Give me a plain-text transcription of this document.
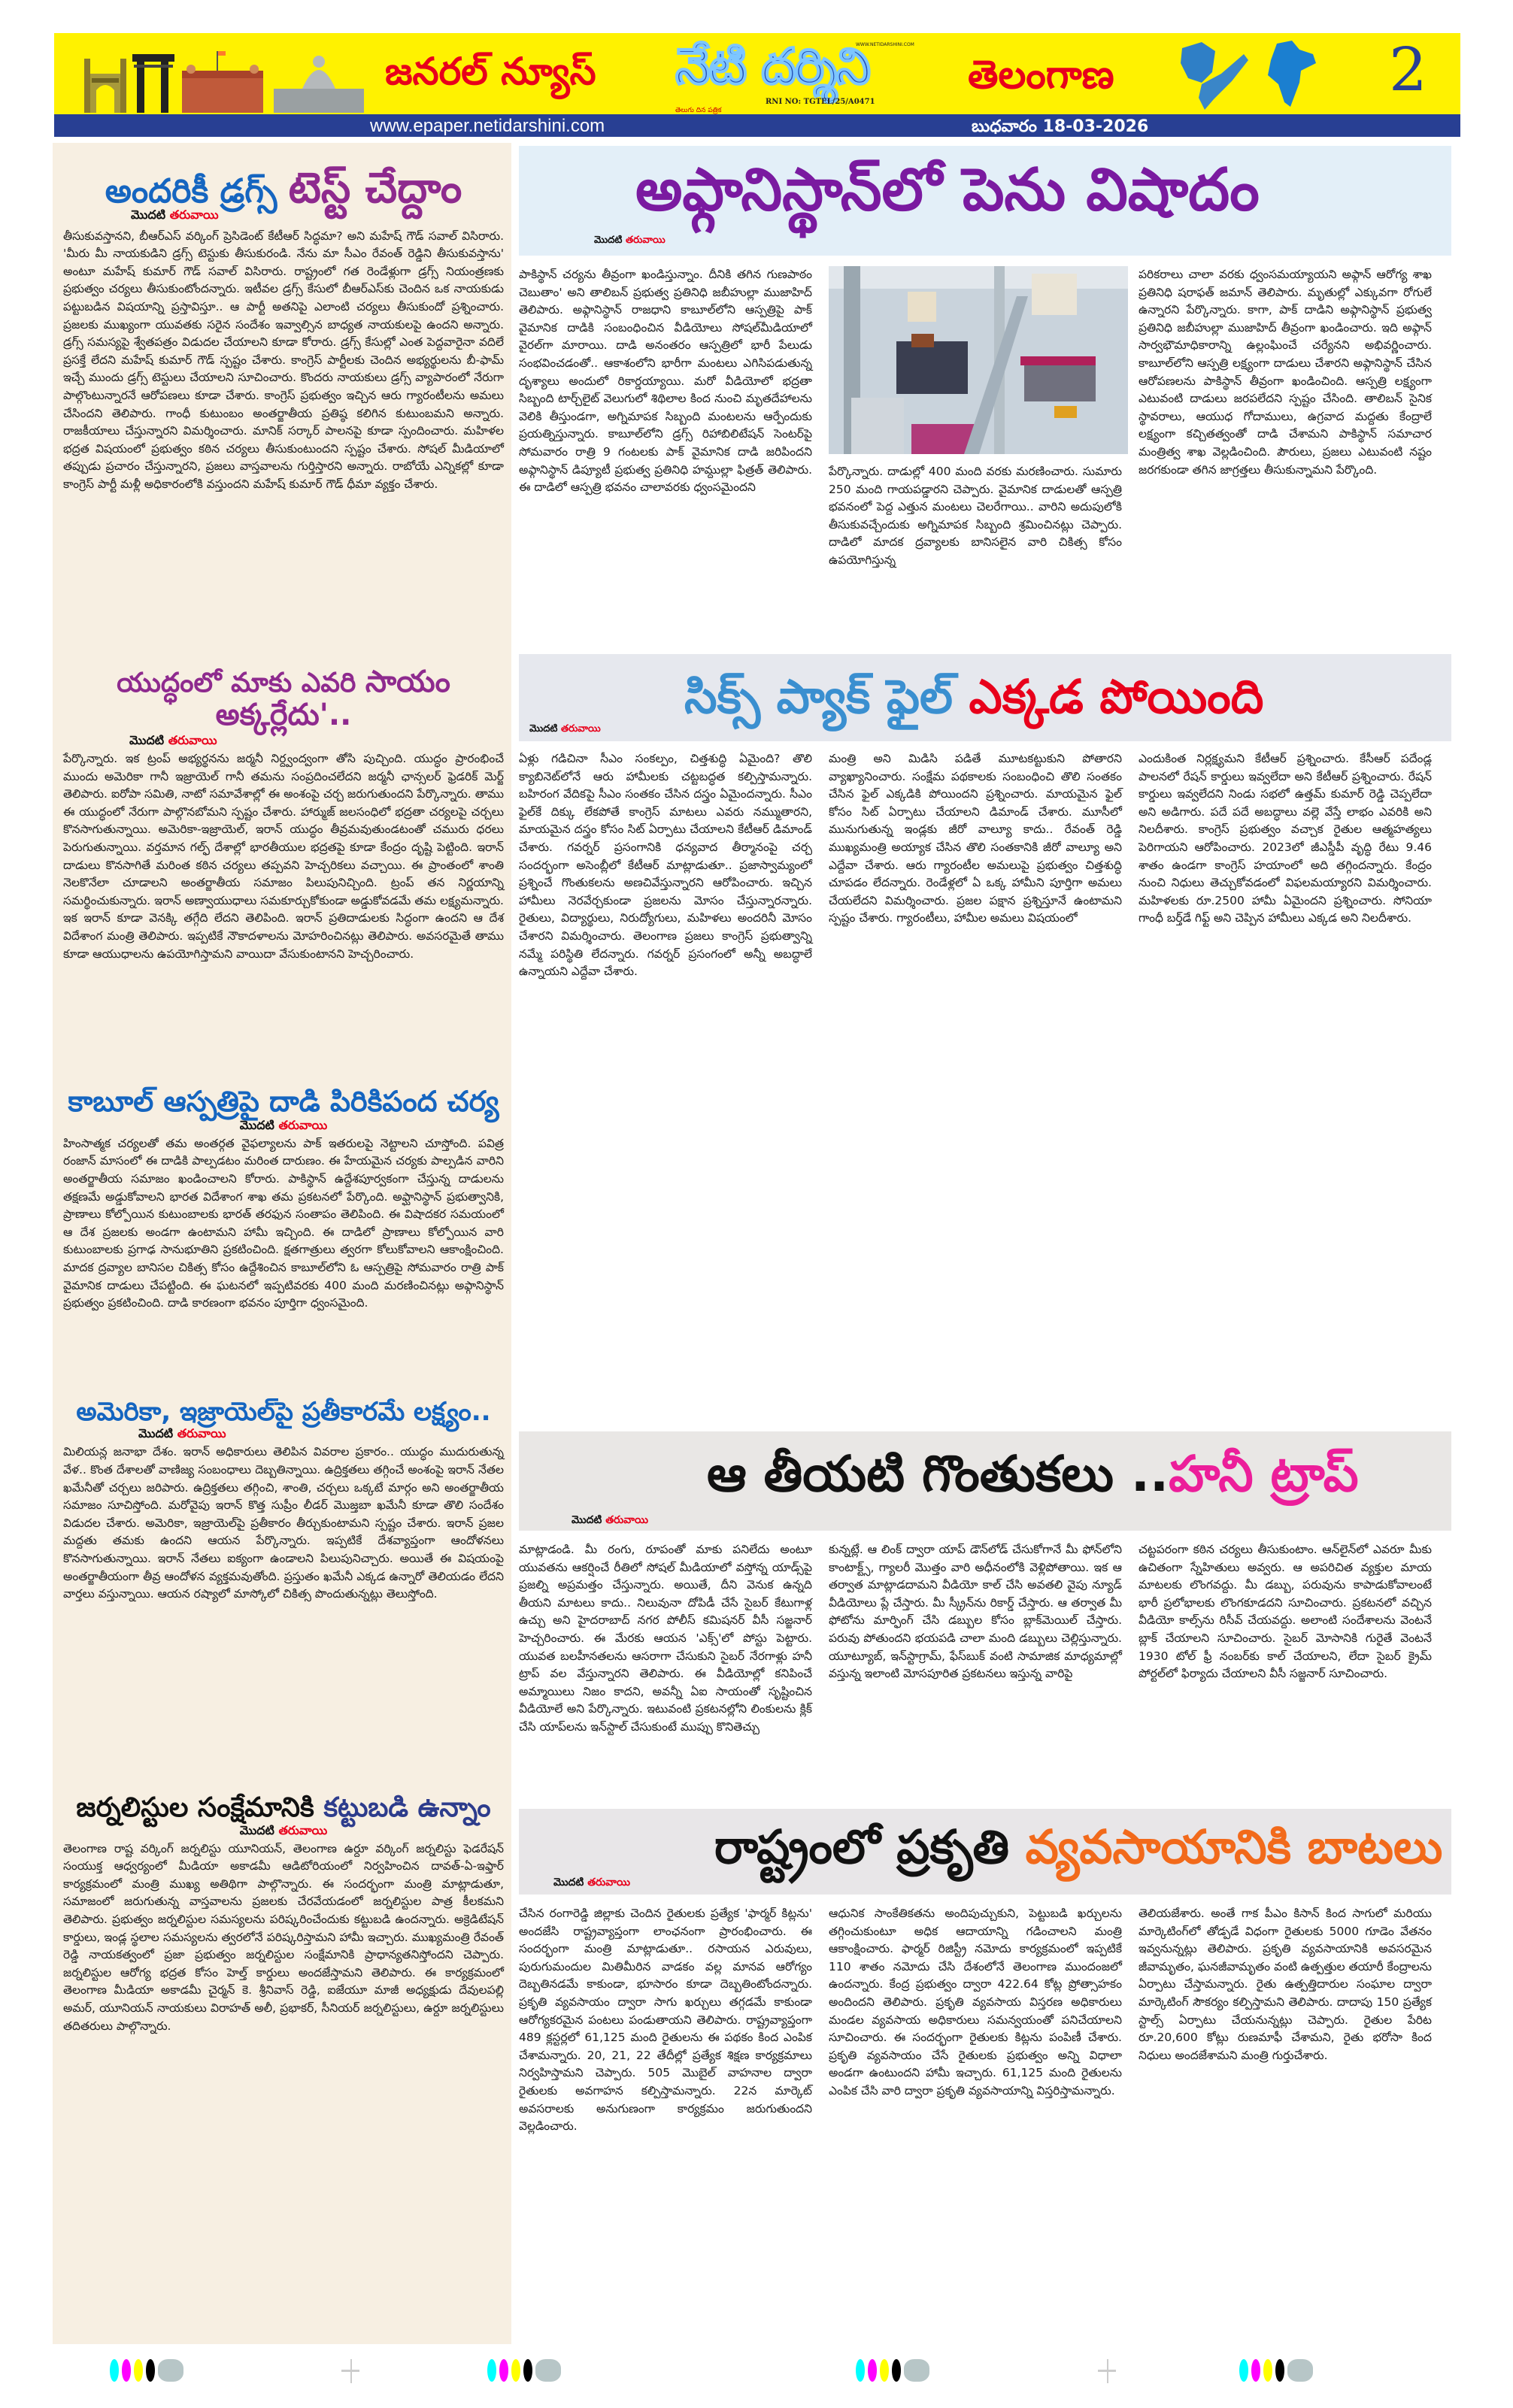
జనరల్ న్యూస్ నేటి దర్శిని
WWW.NETIDARSHINI.COM
RNI NO: TGTEL/25/A0471
తెలుగు దిన పత్రిక
తెలంగాణ	2
www.epaper.netidarshini.com	బుధవారం 18-03-2026
అందరికీ డ్రగ్స్ టెస్ట్ చేద్దాం
మొదటి తరువాయి
తీసుకువస్తానని, బీఆర్ఎస్ వర్కింగ్ ప్రెసిడెంట్ కేటీఆర్ సిద్ధమా? అని మహేష్ గౌడ్ సవాల్ విసిరారు. 'మీరు మీ నాయకుడిని డ్రగ్స్ టెస్టుకు తీసుకురండి. నేను మా సీఎం రేవంత్ రెడ్డిని తీసుకువస్తాను' అంటూ మహేష్ కుమార్ గౌడ్ సవాల్ విసిరారు. రాష్ట్రంలో గత రెండేళ్లుగా డ్రగ్స్ నియంత్రణకు ప్రభుత్వం చర్యలు తీసుకుంటోందన్నారు. ఇటీవల డ్రగ్స్ కేసులో బీఆర్ఎస్‌కు చెందిన ఒక నాయకుడు పట్టుబడిన విషయాన్ని ప్రస్తావిస్తూ.. ఆ పార్టీ అతనిపై ఎలాంటి చర్యలు తీసుకుందో ప్రశ్నించారు. ప్రజలకు ముఖ్యంగా యువతకు సరైన సందేశం ఇవ్వాల్సిన బాధ్యత నాయకులపై ఉందని అన్నారు. డ్రగ్స్ సమస్యపై శ్వేతపత్రం విడుదల చేయాలని కూడా కోరారు. డ్రగ్స్ కేసుల్లో ఎంత పెద్దవారైనా వదిలే ప్రసక్తే లేదని మహేష్ కుమార్ గౌడ్ స్పష్టం చేశారు. కాంగ్రెస్ పార్టీలకు చెందిన అభ్యర్థులను బీ-ఫామ్ ఇచ్చే ముందు డ్రగ్స్ టెస్టులు చేయాలని సూచించారు. కొందరు నాయకులు డ్రగ్స్ వ్యాపారంలో నేరుగా పాల్గొంటున్నారనే ఆరోపణలు కూడా చేశారు. కాంగ్రెస్ ప్రభుత్వం ఇచ్చిన ఆరు గ్యారంటీలను అమలు చేసిందని తెలిపారు. గాంధీ కుటుంబం అంతర్జాతీయ ప్రతిష్ఠ కలిగిన కుటుంబమని అన్నారు. రాజకీయాలు చేస్తున్నారని విమర్శించారు. మానిక్ సర్కార్ పాలనపై కూడా స్పందించారు. మహిళల భద్రత విషయంలో ప్రభుత్వం కఠిన చర్యలు తీసుకుంటుందని స్పష్టం చేశారు. సోషల్ మీడియాలో తప్పుడు ప్రచారం చేస్తున్నారని, ప్రజలు వాస్తవాలను గుర్తిస్తారని అన్నారు. రాబోయే ఎన్నికల్లో కూడా కాంగ్రెస్ పార్టీ మళ్లీ అధికారంలోకి వస్తుందని మహేష్ కుమార్ గౌడ్ ధీమా వ్యక్తం చేశారు.
యుద్ధంలో మాకు ఎవరి సాయం అక్కర్లేదు'..
మొదటి తరువాయి
పేర్కొన్నారు. ఇక ట్రంప్ అభ్యర్థనను జర్మనీ నిర్ద్వంద్వంగా తోసి పుచ్చింది. యుద్ధం ప్రారంభించే ముందు అమెరికా గానీ ఇజ్రాయెల్ గానీ తమను సంప్రదించలేదని జర్మనీ ఛాన్సలర్ ఫ్రెడరిక్ మెర్జ్ తెలిపారు. ఐరోపా సమితి, నాటో సమావేశాల్లో ఈ అంశంపై చర్చ జరుగుతుందని పేర్కొన్నారు. తాము ఈ యుద్ధంలో నేరుగా పాల్గొనబోమని స్పష్టం చేశారు. హార్ముజ్ జలసంధిలో భద్రతా చర్యలపై చర్చలు కొనసాగుతున్నాయి. అమెరికా-ఇజ్రాయెల్, ఇరాన్ యుద్ధం తీవ్రమవుతుండటంతో చమురు ధరలు పెరుగుతున్నాయి. వర్తమాన గల్ఫ్ దేశాల్లో భారతీయుల భద్రతపై కూడా కేంద్రం దృష్టి పెట్టింది. ఇరాన్ దాడులు కొనసాగితే మరింత కఠిన చర్యలు తప్పవని హెచ్చరికలు వచ్చాయి. ఈ ప్రాంతంలో శాంతి నెలకొనేలా చూడాలని అంతర్జాతీయ సమాజం పిలుపునిచ్చింది. ట్రంప్ తన నిర్ణయాన్ని సమర్థించుకున్నారు. ఇరాన్ అణ్వాయుధాలు సమకూర్చుకోకుండా అడ్డుకోవడమే తమ లక్ష్యమన్నారు. ఇక ఇరాన్‌ కూడా వెనక్కి తగ్గేది లేదని తెలిపింది. ఇరాన్‌ ప్రతిదాడులకు సిద్ధంగా ఉందని ఆ దేశ విదేశాంగ మంత్రి తెలిపారు. ఇప్పటికే నౌకాదళాలను మోహరించినట్లు తెలిపారు. అవసరమైతే తాము కూడా ఆయుధాలను ఉపయోగిస్తామని వాయిదా వేసుకుంటానని హెచ్చరించారు.
కాబూల్ ఆస్పత్రిపై దాడి పిరికిపంద చర్య
మొదటి తరువాయి
హింసాత్మక చర్యలతో తమ అంతర్గత వైఫల్యాలను పాక్ ఇతరులపై నెట్టాలని చూస్తోంది. పవిత్ర రంజాన్ మాసంలో ఈ దాడికి పాల్పడటం మరింత దారుణం. ఈ హేయమైన చర్యకు పాల్పడిన వారిని అంతర్జాతీయ సమాజం ఖండించాలని కోరారు. పాకిస్థాన్ ఉద్దేశపూర్వకంగా చేస్తున్న దాడులను తక్షణమే అడ్డుకోవాలని భారత విదేశాంగ శాఖ తమ ప్రకటనలో పేర్కొంది. అఫ్ఘానిస్థాన్ ప్రభుత్వానికి, ప్రాణాలు కోల్పోయిన కుటుంబాలకు భారత్ తరఫున సంతాపం తెలిపింది. ఈ విషాదకర సమయంలో ఆ దేశ ప్రజలకు అండగా ఉంటామని హామీ ఇచ్చింది. ఈ దాడిలో ప్రాణాలు కోల్పోయిన వారి కుటుంబాలకు ప్రగాఢ సానుభూతిని ప్రకటించింది. క్షతగాత్రులు త్వరగా కోలుకోవాలని ఆకాంక్షించింది. మాదక ద్రవ్యాల బానిసల చికిత్స కోసం ఉద్దేశించిన కాబూల్‌లోని ఓ ఆస్పత్రిపై సోమవారం రాత్రి పాక్ వైమానిక దాడులు చేపట్టింది. ఈ ఘటనలో ఇప్పటివరకు 400 మంది మరణించినట్లు అఫ్గానిస్థాన్ ప్రభుత్వం ప్రకటించింది. దాడి కారణంగా భవనం పూర్తిగా ధ్వంసమైంది.
అమెరికా, ఇజ్రాయెల్‌పై ప్రతీకారమే లక్ష్యం..
మొదటి తరువాయి
మిలియన్ల జనాభా దేశం. ఇరాన్ అధికారులు తెలిపిన వివరాల ప్రకారం.. యుద్ధం ముదురుతున్న వేళ.. కొంత దేశాలతో వాణిజ్య సంబంధాలు దెబ్బతిన్నాయి. ఉద్రిక్తతలు తగ్గించే అంశంపై ఇరాన్ నేతల ఖమేనీతో చర్చలు జరిపారు. ఉద్రిక్తతలు తగ్గించి, శాంతి, చర్చలు ఒక్కటే మార్గం అని అంతర్జాతీయ సమాజం సూచిస్తోంది. మరోవైపు ఇరాన్ కొత్త సుప్రీం లీడర్ మొజ్తబా ఖమేనీ కూడా తొలి సందేశం విడుదల చేశారు. అమెరికా, ఇజ్రాయెల్‌పై ప్రతీకారం తీర్చుకుంటామని స్పష్టం చేశారు. ఇరాన్ ప్రజల మద్దతు తమకు ఉందని ఆయన పేర్కొన్నారు. ఇప్పటికే దేశవ్యాప్తంగా ఆందోళనలు కొనసాగుతున్నాయి. ఇరాన్ నేతలు ఐక్యంగా ఉండాలని పిలుపునిచ్చారు. అయితే ఈ విషయంపై అంతర్జాతీయంగా తీవ్ర ఆందోళన వ్యక్తమవుతోంది. ప్రస్తుతం ఖమేనీ ఎక్కడ ఉన్నారో తెలియడం లేదని వార్తలు వస్తున్నాయి. ఆయన రష్యాలో మాస్కోలో చికిత్స పొందుతున్నట్లు తెలుస్తోంది.
జర్నలిస్టుల సంక్షేమానికి కట్టుబడి ఉన్నాం
మొదటి తరువాయి
తెలంగాణ రాష్ట వర్కింగ్ జర్నలిస్టు యూనియన్, తెలంగాణ ఉర్దూ వర్కింగ్ జర్నలిస్టు ఫెడరేషన్ సంయుక్త ఆధ్వర్యంలో మీడియా అకాడమీ ఆడిటోరియంలో నిర్వహించిన దావత్-ఏ-ఇఫ్తార్ కార్యక్రమంలో మంత్రి ముఖ్య అతిథిగా పాల్గొన్నారు. ఈ సందర్భంగా మంత్రి మాట్లాడుతూ, సమాజంలో జరుగుతున్న వాస్తవాలను ప్రజలకు చేరవేయడంలో జర్నలిస్టుల పాత్ర కీలకమని తెలిపారు. ప్రభుత్వం జర్నలిస్టుల సమస్యలను పరిష్కరించేందుకు కట్టుబడి ఉందన్నారు. అక్రెడిటేషన్ కార్డులు, ఇండ్ల స్థలాల సమస్యలను త్వరలోనే పరిష్కరిస్తామని హామీ ఇచ్చారు. ముఖ్యమంత్రి రేవంత్ రెడ్డి నాయకత్వంలో ప్రజా ప్రభుత్వం జర్నలిస్టుల సంక్షేమానికి ప్రాధాన్యతనిస్తోందని చెప్పారు. జర్నలిస్టుల ఆరోగ్య భద్రత కోసం హెల్త్ కార్డులు అందజేస్తామని తెలిపారు. ఈ కార్యక్రమంలో తెలంగాణ మీడియా అకాడమీ చైర్మన్ కె. శ్రీనివాస్ రెడ్డి, ఐజేయూ మాజీ అధ్యక్షుడు దేవులపల్లి అమర్, యూనియన్ నాయకులు విరాహత్ అలీ, ప్రభాకర్, సీనియర్ జర్నలిస్టులు, ఉర్దూ జర్నలిస్టులు తదితరులు పాల్గొన్నారు.
అఫ్గానిస్థాన్‌లో పెను విషాదం
మొదటి తరువాయి
పాకిస్థాన్ చర్యను తీవ్రంగా ఖండిస్తున్నాం. దీనికి తగిన గుణపాఠం చెబుతాం' అని తాలిబన్ ప్రభుత్వ ప్రతినిధి జబీహుల్లా ముజాహిద్ తెలిపారు. అఫ్గానిస్థాన్ రాజధాని కాబూల్‌లోని ఆస్పత్రిపై పాక్ వైమానిక దాడికి సంబంధించిన వీడియోలు సోషల్‌మీడియాలో వైరల్‌గా మారాయి. దాడి అనంతరం ఆస్పత్రిలో భారీ పేలుడు సంభవించడంతో.. ఆకాశంలోని భారీగా మంటలు ఎగిసిపడుతున్న దృశ్యాలు అందులో రికార్డయ్యాయి. మరో వీడియోలో భద్రతా సిబ్బంది టార్చ్‌లైట్ వెలుగులో శిథిలాల కింద నుంచి మృతదేహాలను వెలికి తీస్తుండగా, అగ్నిమాపక సిబ్బంది మంటలను ఆర్పేందుకు ప్రయత్నిస్తున్నారు. కాబూల్‌లోని డ్రగ్స్ రిహాబిలిటేషన్ సెంటర్‌పై సోమవారం రాత్రి 9 గంటలకు పాక్ వైమానిక దాడి జరిపిందని అఫ్గానిస్థాన్ డిప్యూటీ ప్రభుత్వ ప్రతినిధి హమ్దుల్లా ఫిత్రత్ తెలిపారు. ఈ దాడిలో ఆస్పత్రి భవనం చాలావరకు ధ్వంసమైందని
పేర్కొన్నారు. దాడుల్లో 400 మంది వరకు మరణించారు. సుమారు 250 మంది గాయపడ్డారని చెప్పారు. వైమానిక దాడులతో ఆస్పత్రి భవనంలో పెద్ద ఎత్తున మంటలు చెలరేగాయి.. వారిని అదుపులోకి తీసుకువచ్చేందుకు అగ్నిమాపక సిబ్బంది శ్రమించినట్లు చెప్పారు. దాడిలో మాదక ద్రవ్యాలకు బానిసలైన వారి చికిత్స కోసం ఉపయోగిస్తున్న
పరికరాలు చాలా వరకు ధ్వంసమయ్యాయని అఫ్గాన్ ఆరోగ్య శాఖ ప్రతినిధి షరాఫత్ జమాన్ తెలిపారు. మృతుల్లో ఎక్కువగా రోగులే ఉన్నారని పేర్కొన్నారు. కాగా, పాక్ దాడిని అఫ్గానిస్థాన్ ప్రభుత్వ ప్రతినిధి జబీహుల్లా ముజాహిద్ తీవ్రంగా ఖండించారు. ఇది అఫ్గాన్ సార్వభౌమాధికారాన్ని ఉల్లంఘించే చర్యేనని అభివర్ణించారు. కాబూల్‌లోని ఆస్పత్రి లక్ష్యంగా దాడులు చేశారని అఫ్గానిస్థాన్ చేసిన ఆరోపణలను పాకిస్థాన్ తీవ్రంగా ఖండించింది. ఆస్పత్రి లక్ష్యంగా ఎటువంటి దాడులు జరపలేదని స్పష్టం చేసింది. తాలిబన్ సైనిక స్థావరాలు, ఆయుధ గోదాములు, ఉగ్రవాద మద్దతు కేంద్రాలే లక్ష్యంగా కచ్చితత్వంతో దాడి చేశామని పాకిస్థాన్ సమాచార మంత్రిత్వ శాఖ వెల్లడించింది. పౌరులు, ప్రజలు ఎటువంటి నష్టం జరగకుండా తగిన జాగ్రత్తలు తీసుకున్నామని పేర్కొంది.
సిక్స్ ప్యాక్ ఫైల్ ఎక్కడ పోయింది
మొదటి తరువాయి
ఏళ్లు గడిచినా సీఎం సంకల్పం, చిత్తశుద్ధి ఏమైంది? తొలి క్యాబినెట్‌లోనే ఆరు హామీలకు చట్టబద్ధత కల్పిస్తామన్నారు. బహిరంగ వేదికపై సీఎం సంతకం చేసిన దస్త్రం ఏమైందన్నారు. సీఎం ఫైల్‌కే దిక్కు లేకపోతే కాంగ్రెస్ మాటలు ఎవరు నమ్ముతారని, మాయమైన దస్త్రం కోసం సిట్ ఏర్పాటు చేయాలని కేటీఆర్ డిమాండ్ చేశారు. గవర్నర్ ప్రసంగానికి ధన్యవాద తీర్మానంపై చర్చ సందర్భంగా అసెంబ్లీలో కేటీఆర్ మాట్లాడుతూ.. ప్రజాస్వామ్యంలో ప్రశ్నించే గొంతుకలను అణచివేస్తున్నారని ఆరోపించారు. ఇచ్చిన హామీలు నెరవేర్చకుండా ప్రజలను మోసం చేస్తున్నారన్నారు. రైతులు, విద్యార్థులు, నిరుద్యోగులు, మహిళలు అందరినీ మోసం చేశారని విమర్శించారు. తెలంగాణ ప్రజలు కాంగ్రెస్ ప్రభుత్వాన్ని నమ్మే పరిస్థితి లేదన్నారు. గవర్నర్ ప్రసంగంలో అన్నీ అబద్ధాలే ఉన్నాయని ఎద్దేవా చేశారు.
మంత్రి అని మిడిసి పడితే మూటకట్టుకుని పోతారని వ్యాఖ్యానించారు. సంక్షేమ పథకాలకు సంబంధించి తొలి సంతకం చేసిన ఫైల్ ఎక్కడికి పోయిందని ప్రశ్నించారు. మాయమైన ఫైల్ కోసం సిట్ ఏర్పాటు చేయాలని డిమాండ్ చేశారు. మూసీలో మునుగుతున్న ఇండ్లకు జీరో వాల్యూ కాదు.. రేవంత్ రెడ్డి ముఖ్యమంత్రి అయ్యాక చేసిన తొలి సంతకానికి జీరో వాల్యూ అని ఎద్దేవా చేశారు. ఆరు గ్యారంటీల అమలుపై ప్రభుత్వం చిత్తశుద్ధి చూపడం లేదన్నారు. రెండేళ్లలో ఏ ఒక్క హామీని పూర్తిగా అమలు చేయలేదని విమర్శించారు. ప్రజల పక్షాన ప్రశ్నిస్తూనే ఉంటామని స్పష్టం చేశారు. గ్యారంటీలు, హామీల అమలు విషయంలో
ఎందుకింత నిర్లక్ష్యమని కేటీఆర్ ప్రశ్నించారు. కేసీఆర్ పదేండ్ల పాలనలో రేషన్ కార్డులు ఇవ్వలేదా అని కేటీఆర్ ప్రశ్నించారు. రేషన్ కార్డులు ఇవ్వలేదని నిండు సభలో ఉత్తమ్ కుమార్ రెడ్డి చెప్పలేదా అని అడిగారు. పదే పదే అబద్ధాలు వల్లె వేస్తే లాభం ఎవరికి అని నిలదీశారు. కాంగ్రెస్ ప్రభుత్వం వచ్చాక రైతుల ఆత్మహత్యలు పెరిగాయని ఆరోపించారు. 2023లో జీఎస్డీపీ వృద్ధి రేటు 9.46 శాతం ఉండగా కాంగ్రెస్ హయాంలో అది తగ్గిందన్నారు. కేంద్రం నుంచి నిధులు తెచ్చుకోవడంలో విఫలమయ్యారని విమర్శించారు. మహిళలకు రూ.2500 హామీ ఏమైందని ప్రశ్నించారు. సోనియా గాంధీ బర్త్‌డే గిఫ్ట్ అని చెప్పిన హామీలు ఎక్కడ అని నిలదీశారు.
ఆ తీయటి గొంతుకలు ..హనీ ట్రాప్
మొదటి తరువాయి
మాట్లాడండి. మీ రంగు, రూపంతో మాకు పనిలేదు అంటూ యువతను ఆకర్షించే రీతిలో సోషల్ మీడియాలో వస్తోన్న యాడ్స్‌పై ప్రజల్ని అప్రమత్తం చేస్తున్నారు. అయితే, దీని వెనుక ఉన్నది తీయని మాటలు కాదు.. నిలువునా దోపిడీ చేసే సైబర్ కేటుగాళ్ల ఉచ్చు అని హైదరాబాద్ నగర పోలీస్ కమిషనర్ వీసీ సజ్జనార్ హెచ్చరించారు. ఈ మేరకు ఆయన 'ఎక్స్'లో పోస్టు పెట్టారు. యువత బలహీనతలను ఆసరాగా చేసుకుని సైబర్ నేరగాళ్లు హనీ ట్రాప్ వల వేస్తున్నారని తెలిపారు. ఈ వీడియోల్లో కనిపించే అమ్మాయిలు నిజం కాదని, అవన్నీ ఏఐ సాయంతో సృష్టించిన వీడియోలే అని పేర్కొన్నారు. ఇటువంటి ప్రకటనల్లోని లింకులను క్లిక్ చేసి యాప్‌లను ఇన్‌స్టాల్ చేసుకుంటే ముప్పు కొనితెచ్చు
కున్నట్లే. ఆ లింక్ ద్వారా యాప్ డౌన్‌లోడ్ చేసుకోగానే మీ ఫోన్‌లోని కాంటాక్ట్స్, గ్యాలరీ మొత్తం వారి అధీనంలోకి వెళ్లిపోతాయి. ఇక ఆ తర్వాత మాట్లాడదామని వీడియో కాల్ చేసి అవతలి వైపు న్యూడ్ వీడియోలు ప్లే చేస్తారు. మీ స్క్రీన్‌ను రికార్డ్ చేస్తారు. ఆ తర్వాత మీ ఫోటోను మార్ఫింగ్ చేసి డబ్బుల కోసం బ్లాక్‌మెయిల్ చేస్తారు. పరువు పోతుందని భయపడి చాలా మంది డబ్బులు చెల్లిస్తున్నారు. యూట్యూబ్, ఇన్‌స్టాగ్రామ్, ఫేస్‌బుక్ వంటి సామాజిక మాధ్యమాల్లో వస్తున్న ఇలాంటి మోసపూరిత ప్రకటనలు ఇస్తున్న వారిపై
చట్టపరంగా కఠిన చర్యలు తీసుకుంటాం. ఆన్‌లైన్‌లో ఎవరూ మీకు ఉచితంగా స్నేహితులు అవ్వరు. ఆ అపరిచిత వ్యక్తుల మాయ మాటలకు లొంగవద్దు. మీ డబ్బు, పరువును కాపాడుకోవాలంటే భారీ ప్రలోభాలకు లొంగకూడదని సూచించారు. ప్రకటనలో వచ్చిన వీడియో కాల్స్‌ను రిసీవ్ చేయవద్దు. అలాంటి సందేశాలను వెంటనే బ్లాక్ చేయాలని సూచించారు. సైబర్ మోసానికి గురైతే వెంటనే 1930 టోల్ ఫ్రీ నంబర్‌కు కాల్ చేయాలని, లేదా సైబర్ క్రైమ్ పోర్టల్‌లో ఫిర్యాదు చేయాలని వీసీ సజ్జనార్ సూచించారు.
రాష్ట్రంలో ప్రకృతి వ్యవసాయానికి బాటలు
మొదటి తరువాయి
చేసిన రంగారెడ్డి జిల్లాకు చెందిన రైతులకు ప్రత్యేక 'ఫార్మర్ కిట్లను' అందజేసి రాష్ట్రవ్యాప్తంగా లాంఛనంగా ప్రారంభించారు. ఈ సందర్భంగా మంత్రి మాట్లాడుతూ.. రసాయన ఎరువులు, పురుగుమందుల మితిమీరిన వాడకం వల్ల మానవ ఆరోగ్యం దెబ్బతినడమే కాకుండా, భూసారం కూడా దెబ్బతింటోందన్నారు. ప్రకృతి వ్యవసాయం ద్వారా సాగు ఖర్చులు తగ్గడమే కాకుండా ఆరోగ్యకరమైన పంటలు పండుతాయని తెలిపారు. రాష్ట్రవ్యాప్తంగా 489 క్లస్టర్లలో 61,125 మంది రైతులను ఈ పథకం కింద ఎంపిక చేశామన్నారు. 20, 21, 22 తేదీల్లో ప్రత్యేక శిక్షణ కార్యక్రమాలు నిర్వహిస్తామని చెప్పారు. 505 మొబైల్ వాహనాల ద్వారా రైతులకు అవగాహన కల్పిస్తామన్నారు. 22న మార్కెట్ అవసరాలకు అనుగుణంగా కార్యక్రమం జరుగుతుందని వెల్లడించారు.
ఆధునిక సాంకేతికతను అందిపుచ్చుకుని, పెట్టుబడి ఖర్చులను తగ్గించుకుంటూ అధిక ఆదాయాన్ని గడించాలని మంత్రి ఆకాంక్షించారు. ఫార్మర్ రిజిస్ట్రీ నమోదు కార్యక్రమంలో ఇప్పటికే 110 శాతం నమోదు చేసి దేశంలోనే తెలంగాణ ముందంజలో ఉందన్నారు. కేంద్ర ప్రభుత్వం ద్వారా 422.64 కోట్ల ప్రోత్సాహకం అందిందని తెలిపారు. ప్రకృతి వ్యవసాయ విస్తరణ అధికారులు మండల వ్యవసాయ అధికారులు సమన్వయంతో పనిచేయాలని సూచించారు. ఈ సందర్భంగా రైతులకు కిట్లను పంపిణీ చేశారు. ప్రకృతి వ్యవసాయం చేసే రైతులకు ప్రభుత్వం అన్ని విధాలా అండగా ఉంటుందని హామీ ఇచ్చారు. 61,125 మంది రైతులను ఎంపిక చేసి వారి ద్వారా ప్రకృతి వ్యవసాయాన్ని విస్తరిస్తామన్నారు.
తెలియజేశారు. అంతే గాక పీఎం కిసాన్ కింద సాగులో మరియు మార్కెటింగ్‌లో తోడ్పడే విధంగా రైతులకు 5000 గూడెం వేతనం ఇవ్వనున్నట్లు తెలిపారు. ప్రకృతి వ్యవసాయానికి అవసరమైన జీవామృతం, ఘనజీవామృతం వంటి ఉత్పత్తుల తయారీ కేంద్రాలను ఏర్పాటు చేస్తామన్నారు. రైతు ఉత్పత్తిదారుల సంఘాల ద్వారా మార్కెటింగ్ సౌకర్యం కల్పిస్తామని తెలిపారు. దాదాపు 150 ప్రత్యేక స్టాల్స్ ఏర్పాటు చేయనున్నట్లు చెప్పారు. రైతుల పేరిట రూ.20,600 కోట్లు రుణమాఫీ చేశామని, రైతు భరోసా కింద నిధులు అందజేశామని మంత్రి గుర్తుచేశారు.
